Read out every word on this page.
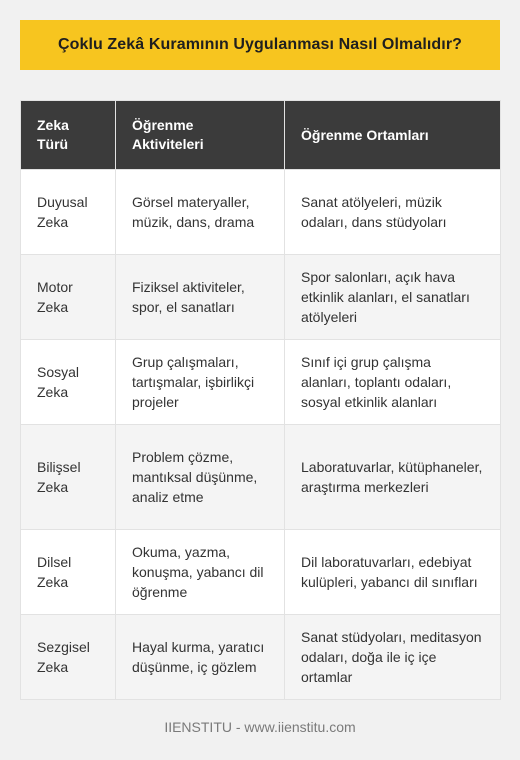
Çoklu Zekâ Kuramının Uygulanması Nasıl Olmalıdır?
Zeka Türü	Öğrenme Aktiviteleri	Öğrenme Ortamları
Duyusal Zeka	Görsel materyaller, müzik, dans, drama	Sanat atölyeleri, müzik odaları, dans stüdyoları
Motor Zeka	Fiziksel aktiviteler, spor, el sanatları	Spor salonları, açık hava etkinlik alanları, el sanatları atölyeleri
Sosyal Zeka	Grup çalışmaları, tartışmalar, işbirlikçi projeler	Sınıf içi grup çalışma alanları, toplantı odaları, sosyal etkinlik alanları
Bilişsel Zeka	Problem çözme, mantıksal düşünme, analiz etme	Laboratuvarlar, kütüphaneler, araştırma merkezleri
Dilsel Zeka	Okuma, yazma, konuşma, yabancı dil öğrenme	Dil laboratuvarları, edebiyat kulüpleri, yabancı dil sınıfları
Sezgisel Zeka	Hayal kurma, yaratıcı düşünme, iç gözlem	Sanat stüdyoları, meditasyon odaları, doğa ile iç içe ortamlar
IIENSTITU - www.iienstitu.com
